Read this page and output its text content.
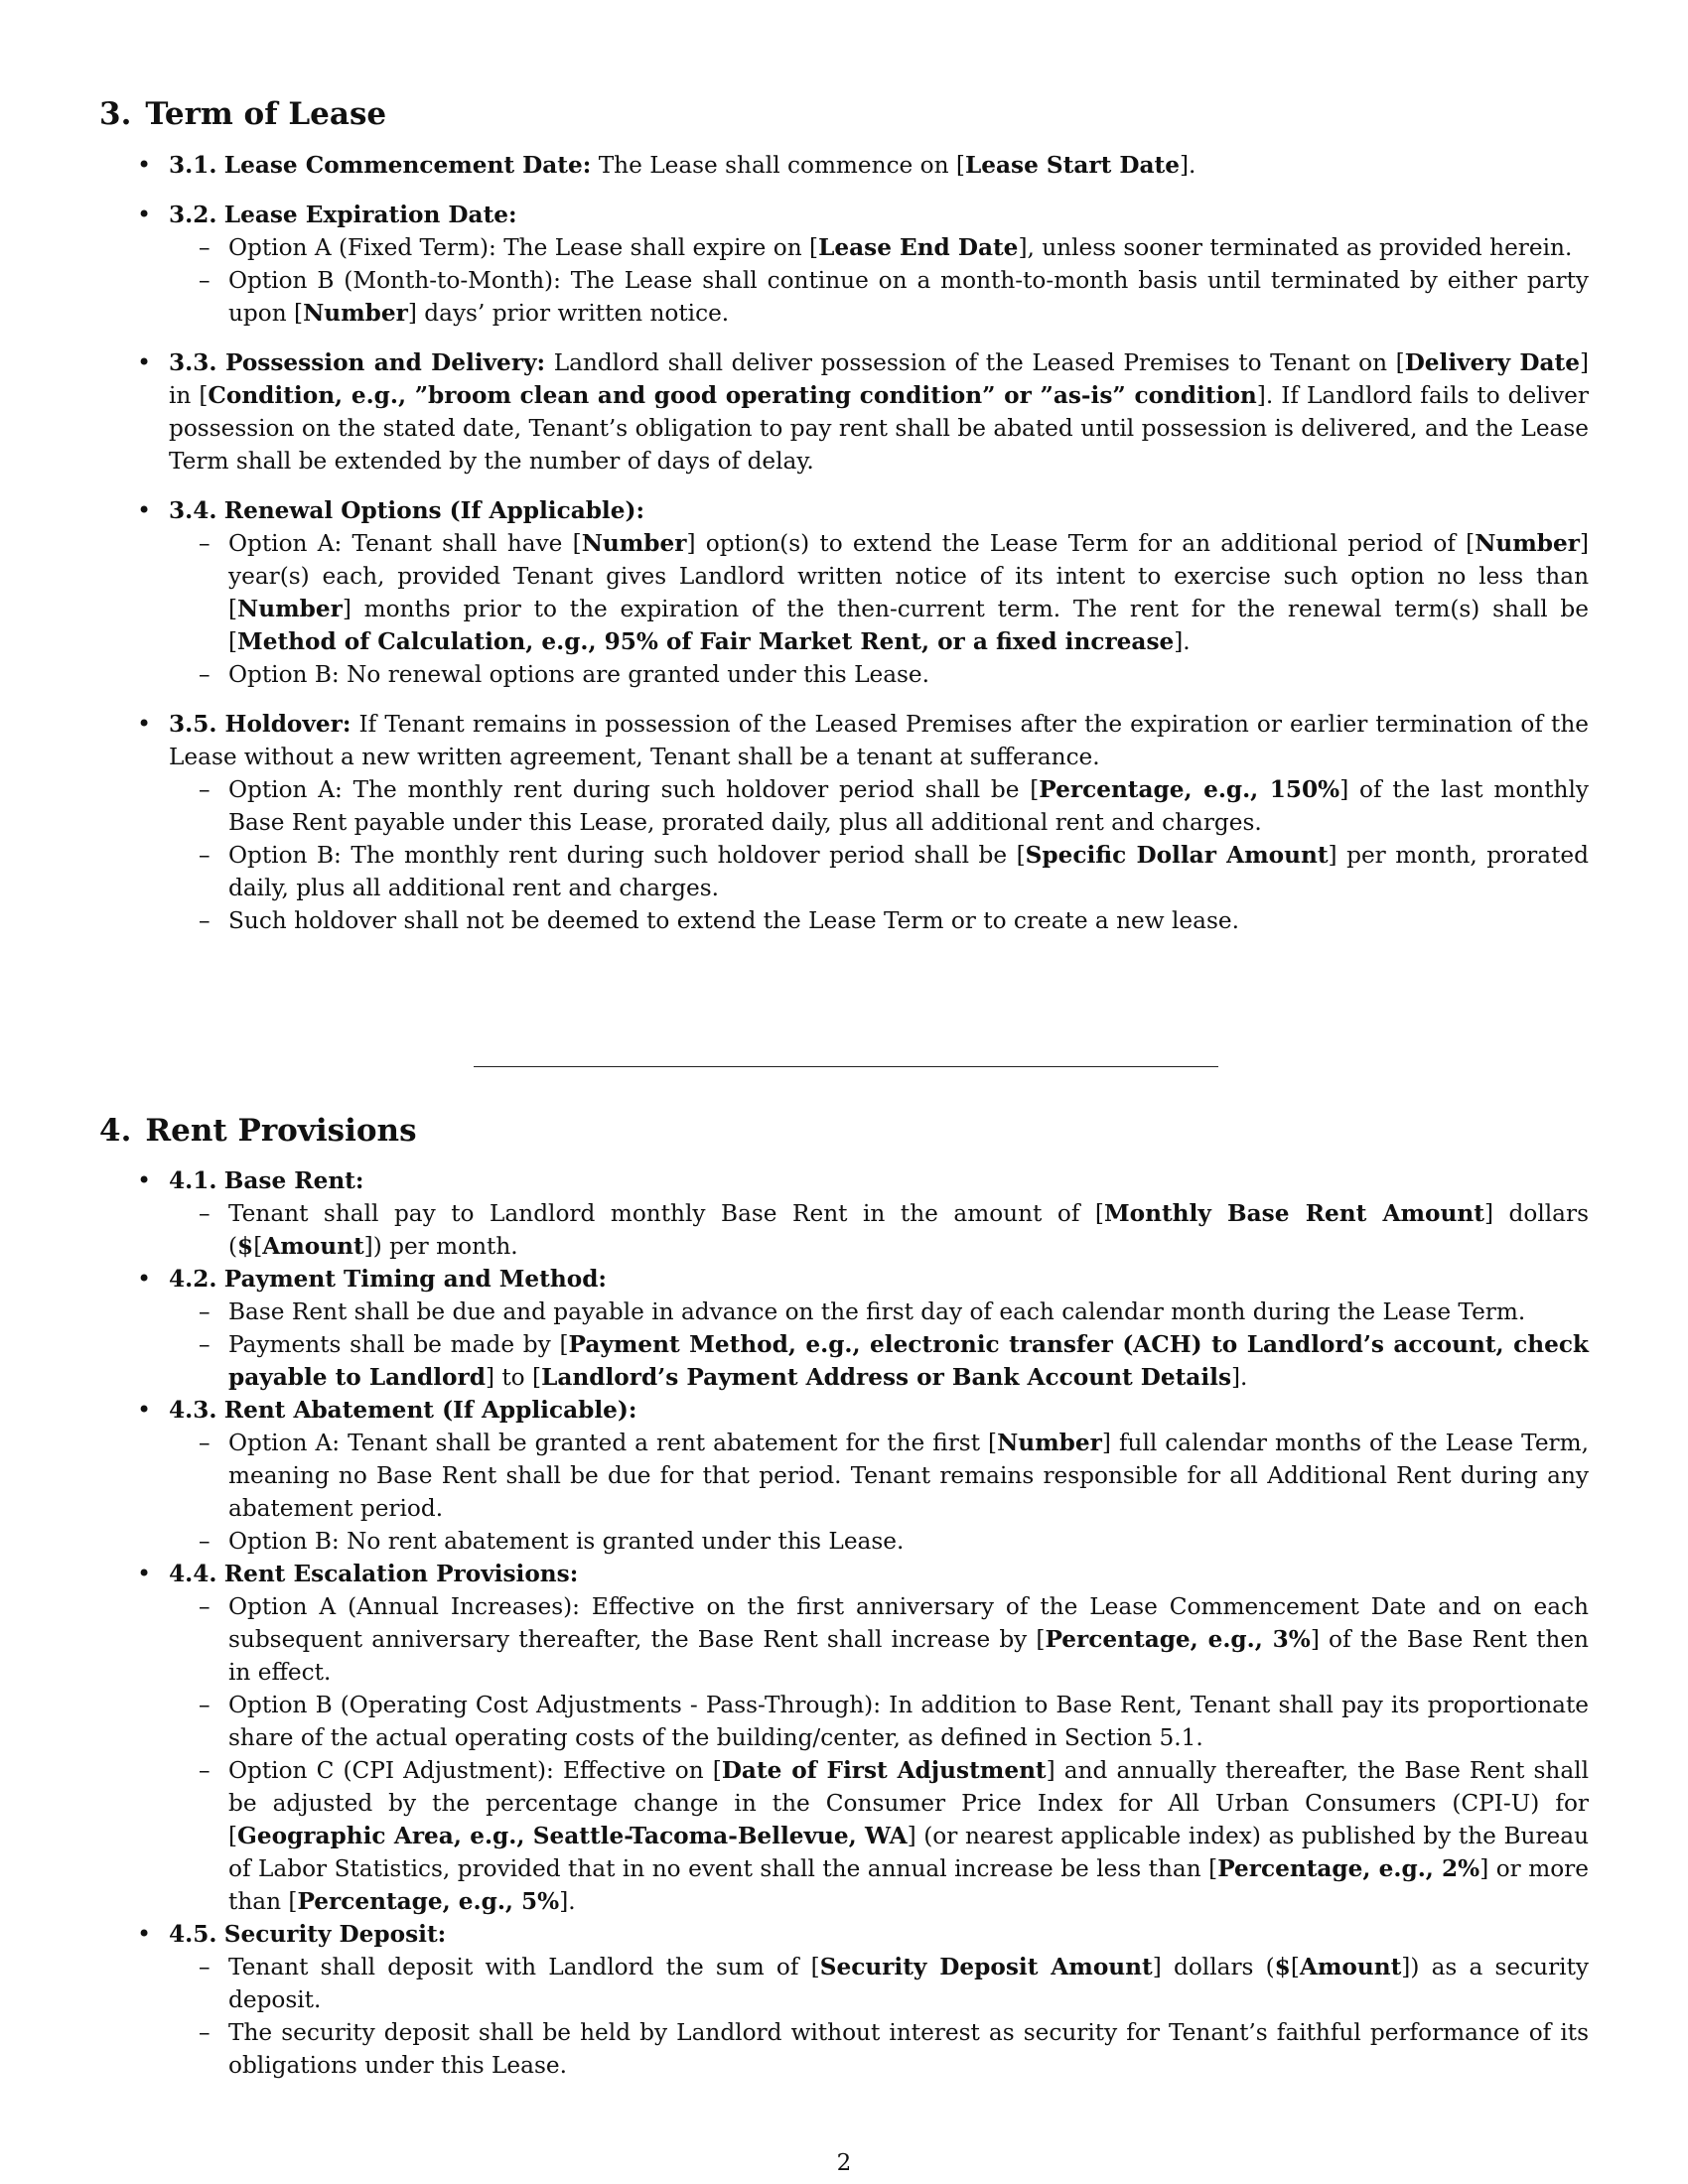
3. Term of Lease
• 3.1. Lease Commencement Date: The Lease shall commence on [Lease Start Date].
• 3.2. Lease Expiration Date:
– Option A (Fixed Term): The Lease shall expire on [Lease End Date], unless sooner terminated as provided herein.
– Option B (Month-to-Month): The Lease shall continue on a month-to-month basis until terminated by either party upon [Number] days’ prior written notice.
• 3.3. Possession and Delivery: Landlord shall deliver possession of the Leased Premises to Tenant on [Delivery Date] in [Condition, e.g., ”broom clean and good operating condition” or ”as-is” condition]. If Landlord fails to deliver possession on the stated date, Tenant’s obligation to pay rent shall be abated until possession is delivered, and the Lease Term shall be extended by the number of days of delay.
• 3.4. Renewal Options (If Applicable):
– Option A: Tenant shall have [Number] option(s) to extend the Lease Term for an additional period of [Number] year(s) each, provided Tenant gives Landlord written notice of its intent to exercise such option no less than [Number] months prior to the expiration of the then-current term. The rent for the renewal term(s) shall be [Method of Calculation, e.g., 95% of Fair Market Rent, or a fixed increase].
– Option B: No renewal options are granted under this Lease.
• 3.5. Holdover: If Tenant remains in possession of the Leased Premises after the expiration or earlier termination of the Lease without a new written agreement, Tenant shall be a tenant at sufferance.
– Option A: The monthly rent during such holdover period shall be [Percentage, e.g., 150%] of the last monthly Base Rent payable under this Lease, prorated daily, plus all additional rent and charges.
– Option B: The monthly rent during such holdover period shall be [Specific Dollar Amount] per month, prorated daily, plus all additional rent and charges.
– Such holdover shall not be deemed to extend the Lease Term or to create a new lease.
4. Rent Provisions
• 4.1. Base Rent:
– Tenant shall pay to Landlord monthly Base Rent in the amount of [Monthly Base Rent Amount] dollars ($[Amount]) per month.
• 4.2. Payment Timing and Method:
– Base Rent shall be due and payable in advance on the first day of each calendar month during the Lease Term.
– Payments shall be made by [Payment Method, e.g., electronic transfer (ACH) to Landlord’s account, check payable to Landlord] to [Landlord’s Payment Address or Bank Account Details].
• 4.3. Rent Abatement (If Applicable):
– Option A: Tenant shall be granted a rent abatement for the first [Number] full calendar months of the Lease Term, meaning no Base Rent shall be due for that period. Tenant remains responsible for all Additional Rent during any abatement period.
– Option B: No rent abatement is granted under this Lease.
• 4.4. Rent Escalation Provisions:
– Option A (Annual Increases): Effective on the first anniversary of the Lease Commencement Date and on each subsequent anniversary thereafter, the Base Rent shall increase by [Percentage, e.g., 3%] of the Base Rent then in effect.
– Option B (Operating Cost Adjustments - Pass-Through): In addition to Base Rent, Tenant shall pay its proportionate share of the actual operating costs of the building/center, as defined in Section 5.1.
– Option C (CPI Adjustment): Effective on [Date of First Adjustment] and annually thereafter, the Base Rent shall be adjusted by the percentage change in the Consumer Price Index for All Urban Consumers (CPI-U) for [Geographic Area, e.g., Seattle-Tacoma-Bellevue, WA] (or nearest applicable index) as published by the Bureau of Labor Statistics, provided that in no event shall the annual increase be less than [Percentage, e.g., 2%] or more than [Percentage, e.g., 5%].
• 4.5. Security Deposit:
– Tenant shall deposit with Landlord the sum of [Security Deposit Amount] dollars ($[Amount]) as a security deposit.
– The security deposit shall be held by Landlord without interest as security for Tenant’s faithful performance of its obligations under this Lease.
2
